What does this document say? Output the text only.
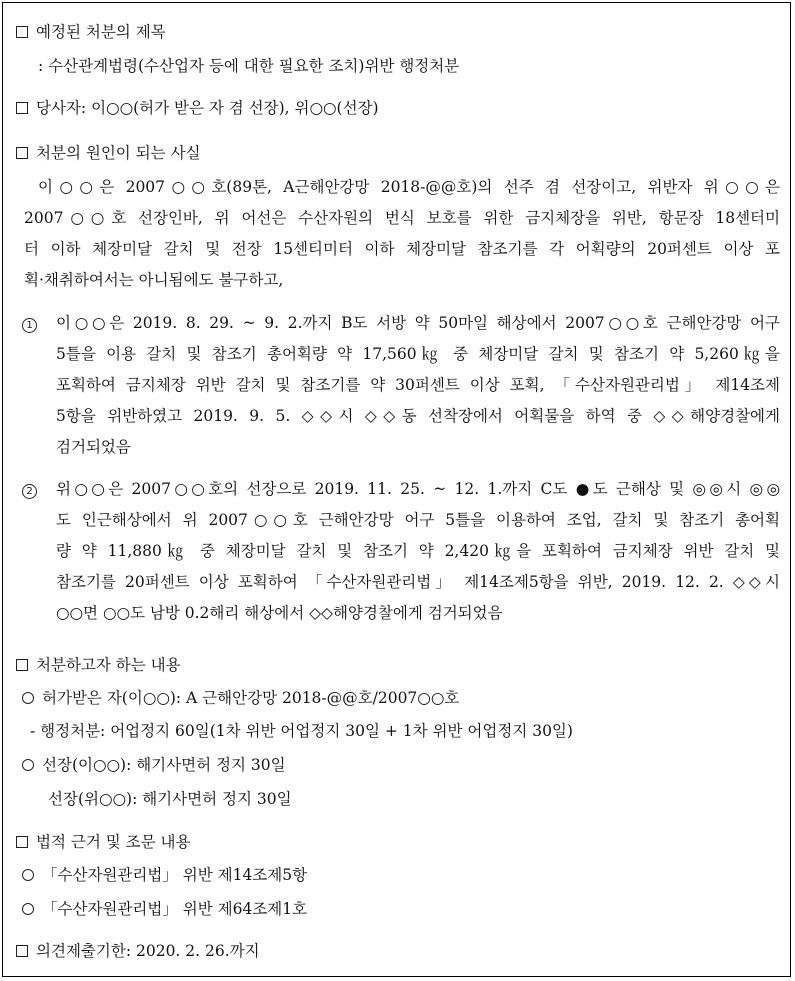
예정된 처분의 제목
: 수산관계법령(수산업자 등에 대한 필요한 조치)위반 행정처분
당사자: 이○○(허가 받은 자 겸 선장), 위○○(선장)
처분의 원인이 되는 사실
이○○은 2007○○호(89톤, A근해안강망 2018-@@호)의 선주 겸 선장이고, 위반자 위○○은
2007○○호 선장인바, 위 어선은 수산자원의 번식 보호를 위한 금지체장을 위반, 항문장 18센터미
터 이하 체장미달 갈치 및 전장 15센티미터 이하 체장미달 참조기를 각 어획량의 20퍼센트 이상 포
획·채취하여서는 아니됨에도 불구하고,
1 이○○은 2019. 8. 29. ~ 9. 2.까지 B도 서방 약 50마일 해상에서 2007○○호 근해안강망 어구
5틀을 이용 갈치 및 참조기 총어획량 약 17,560㎏ 중 체장미달 갈치 및 참조기 약 5,260㎏을
포획하여 금지체장 위반 갈치 및 참조기를 약 30퍼센트 이상 포획, 「수산자원관리법」 제14조제
5항을 위반하였고 2019. 9. 5. ◇◇시 ◇◇동 선착장에서 어획물을 하역 중 ◇◇해양경찰에게
검거되었음
2 위○○은 2007○○호의 선장으로 2019. 11. 25. ~ 12. 1.까지 C도 ●도 근해상 및 ◎◎시 ◎◎
도 인근해상에서 위 2007○○호 근해안강망 어구 5틀을 이용하여 조업, 갈치 및 참조기 총어획
량 약 11,880㎏ 중 체장미달 갈치 및 참조기 약 2,420㎏을 포획하여 금지체장 위반 갈치 및
참조기를 20퍼센트 이상 포획하여 「수산자원관리법」 제14조제5항을 위반, 2019. 12. 2. ◇◇시
○○면 ○○도 남방 0.2해리 해상에서 ◇◇해양경찰에게 검거되었음
처분하고자 하는 내용
허가받은 자(이○○): A 근해안강망 2018-@@호/2007○○호
- 행정처분: 어업정지 60일(1차 위반 어업정지 30일 + 1차 위반 어업정지 30일)
선장(이○○): 해기사면허 정지 30일
선장(위○○): 해기사면허 정지 30일
법적 근거 및 조문 내용
「수산자원관리법」 위반 제14조제5항
「수산자원관리법」 위반 제64조제1호
의견제출기한: 2020. 2. 26.까지
